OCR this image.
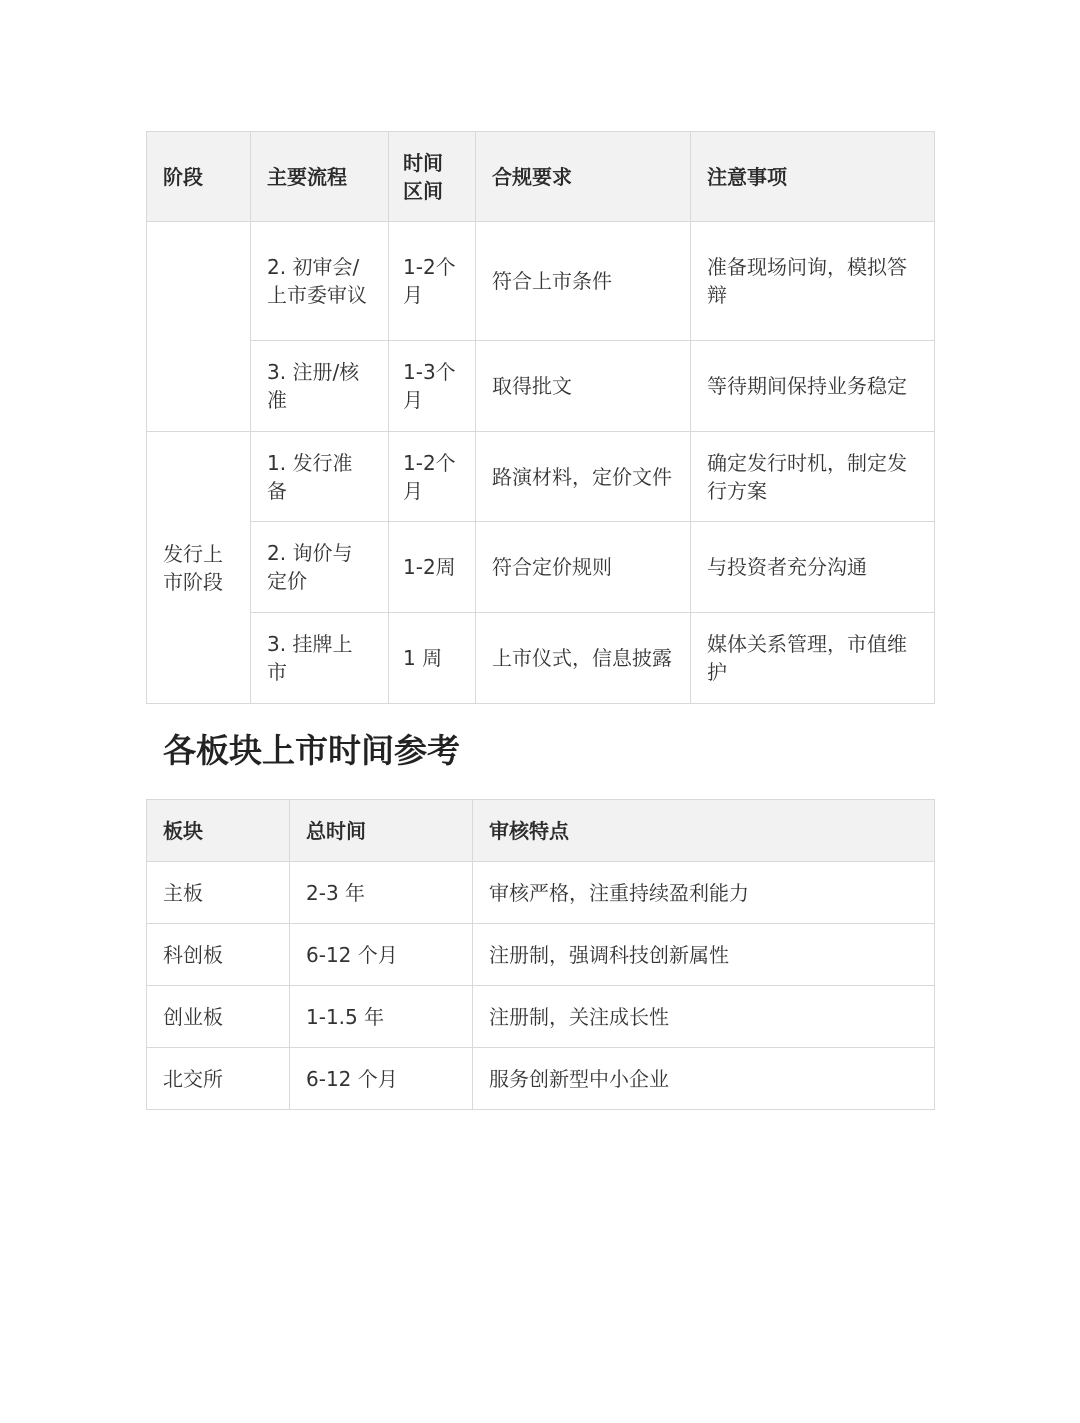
阶段	主要流程	时间区间	合规要求	注意事项
	2. 初审会/上市委审议	1-2个月	符合上市条件	准备现场问询，模拟答辩
	3. 注册/核准	1-3个月	取得批文	等待期间保持业务稳定
发行上市阶段	1. 发行准备	1-2个月	路演材料，定价文件	确定发行时机，制定发行方案
	2. 询价与定价	1-2周	符合定价规则	与投资者充分沟通
	3. 挂牌上市	1 周	上市仪式，信息披露	媒体关系管理，市值维护
各板块上市时间参考
板块	总时间	审核特点
主板	2-3 年	审核严格，注重持续盈利能力
科创板	6-12 个月	注册制，强调科技创新属性
创业板	1-1.5 年	注册制，关注成长性
北交所	6-12 个月	服务创新型中小企业
